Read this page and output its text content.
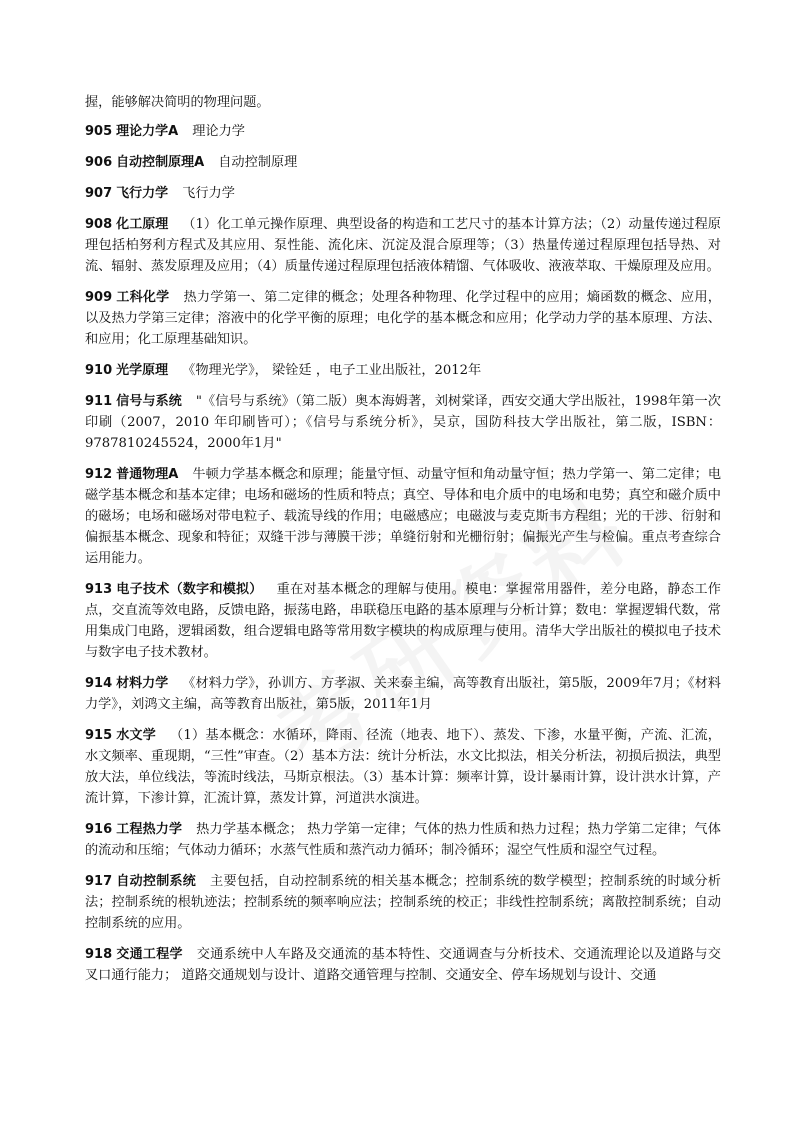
握，能够解决简明的物理问题。

905 理论力学A 理论力学

906 自动控制原理A 自动控制原理

907 飞行力学 飞行力学

908 化工原理 （1）化工单元操作原理、典型设备的构造和工艺尺寸的基本计算方法；（2）动量传递过程原理包括柏努利方程式及其应用、泵性能、流化床、沉淀及混合原理等；（3）热量传递过程原理包括导热、对流、辐射、蒸发原理及应用；（4）质量传递过程原理包括液体精馏、气体吸收、液液萃取、干燥原理及应用。

909 工科化学 热力学第一、第二定律的概念；处理各种物理、化学过程中的应用；熵函数的概念、应用，以及热力学第三定律；溶液中的化学平衡的原理；电化学的基本概念和应用；化学动力学的基本原理、方法、和应用；化工原理基础知识。

910 光学原理 《物理光学》， 梁铨廷 ，电子工业出版社，2012年

911 信号与系统 "《信号与系统》（第二版）奥本海姆著，刘树棠译，西安交通大学出版社，1998年第一次印刷（2007，2010 年印刷皆可）；《信号与系统分析》，吴京，国防科技大学出版社，第二版，ISBN：9787810245524，2000年1月"

912 普通物理A 牛顿力学基本概念和原理；能量守恒、动量守恒和角动量守恒；热力学第一、第二定律；电磁学基本概念和基本定律；电场和磁场的性质和特点；真空、导体和电介质中的电场和电势；真空和磁介质中的磁场；电场和磁场对带电粒子、载流导线的作用；电磁感应；电磁波与麦克斯韦方程组；光的干涉、衍射和偏振基本概念、现象和特征；双缝干涉与薄膜干涉；单缝衍射和光栅衍射；偏振光产生与检偏。重点考查综合运用能力。

913 电子技术（数字和模拟） 重在对基本概念的理解与使用。模电：掌握常用器件，差分电路，静态工作点，交直流等效电路，反馈电路，振荡电路，串联稳压电路的基本原理与分析计算；数电：掌握逻辑代数，常用集成门电路，逻辑函数，组合逻辑电路等常用数字模块的构成原理与使用。清华大学出版社的模拟电子技术与数字电子技术教材。

914 材料力学 《材料力学》，孙训方、方孝淑、关来泰主编，高等教育出版社，第5版，2009年7月；《材料力学》，刘鸿文主编，高等教育出版社，第5版，2011年1月

915 水文学 （1）基本概念：水循环，降雨、径流（地表、地下）、蒸发、下渗，水量平衡，产流、汇流，水文频率、重现期，“三性”审查。（2）基本方法：统计分析法，水文比拟法，相关分析法，初损后损法，典型放大法，单位线法，等流时线法，马斯京根法。（3）基本计算：频率计算，设计暴雨计算，设计洪水计算，产流计算，下渗计算，汇流计算，蒸发计算，河道洪水演进。

916 工程热力学 热力学基本概念； 热力学第一定律；气体的热力性质和热力过程；热力学第二定律；气体的流动和压缩；气体动力循环；水蒸气性质和蒸汽动力循环；制冷循环；湿空气性质和湿空气过程。

917 自动控制系统 主要包括，自动控制系统的相关基本概念；控制系统的数学模型；控制系统的时域分析法；控制系统的根轨迹法；控制系统的频率响应法；控制系统的校正；非线性控制系统；离散控制系统；自动控制系统的应用。

918 交通工程学 交通系统中人车路及交通流的基本特性、交通调查与分析技术、交通流理论以及道路与交叉口通行能力； 道路交通规划与设计、道路交通管理与控制、交通安全、停车场规划与设计、交通
